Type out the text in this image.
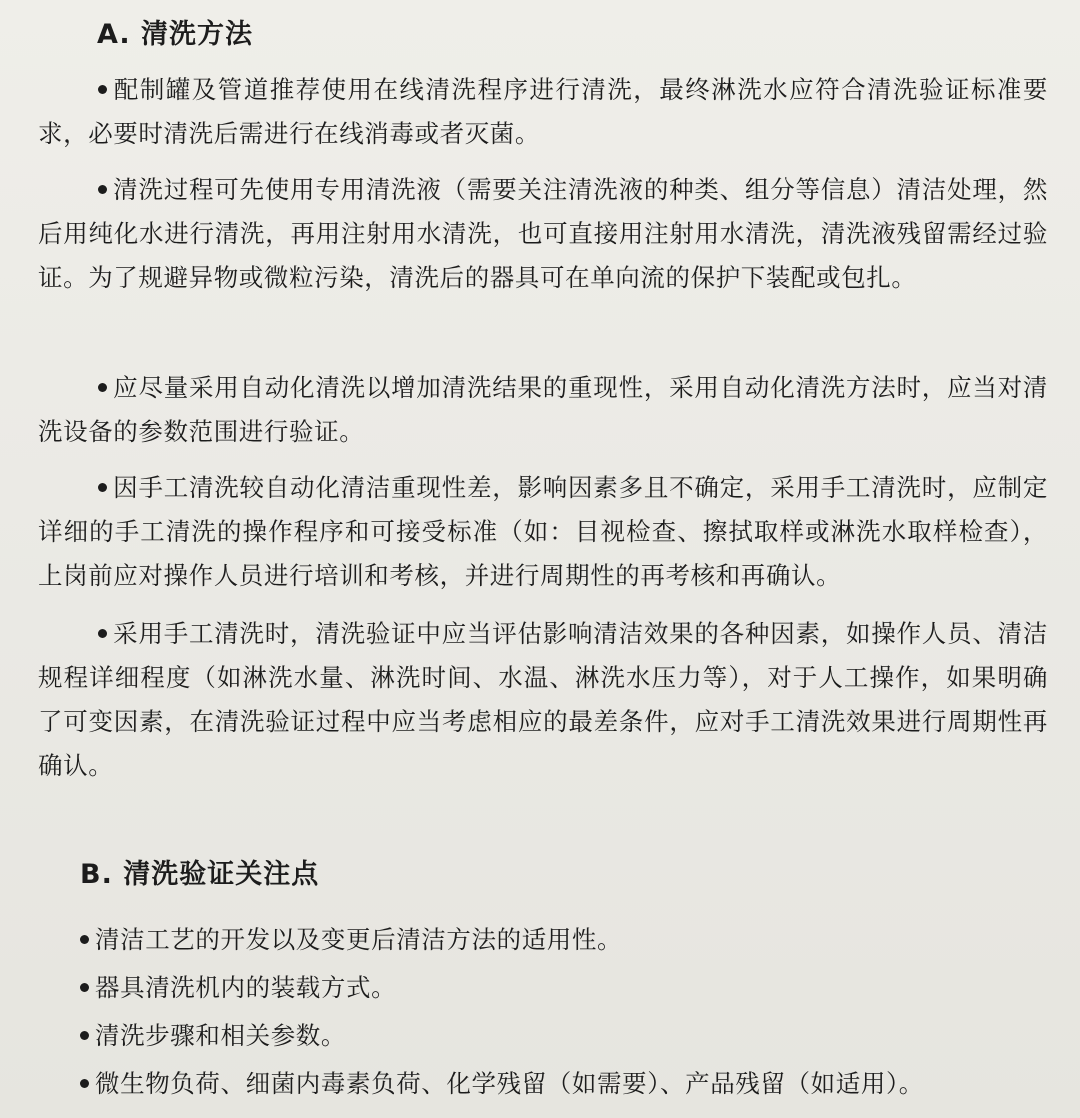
A. 清洗方法
配制罐及管道推荐使用在线清洗程序进行清洗，最终淋洗水应符合清洗验证标准要求，必要时清洗后需进行在线消毒或者灭菌。
清洗过程可先使用专用清洗液（需要关注清洗液的种类、组分等信息）清洁处理，然后用纯化水进行清洗，再用注射用水清洗，也可直接用注射用水清洗，清洗液残留需经过验证。为了规避异物或微粒污染，清洗后的器具可在单向流的保护下装配或包扎。
应尽量采用自动化清洗以增加清洗结果的重现性，采用自动化清洗方法时，应当对清洗设备的参数范围进行验证。
因手工清洗较自动化清洁重现性差，影响因素多且不确定，采用手工清洗时，应制定详细的手工清洗的操作程序和可接受标准（如：目视检查、擦拭取样或淋洗水取样检查），上岗前应对操作人员进行培训和考核，并进行周期性的再考核和再确认。
采用手工清洗时，清洗验证中应当评估影响清洁效果的各种因素，如操作人员、清洁规程详细程度（如淋洗水量、淋洗时间、水温、淋洗水压力等），对于人工操作，如果明确了可变因素，在清洗验证过程中应当考虑相应的最差条件，应对手工清洗效果进行周期性再确认。
B. 清洗验证关注点
清洁工艺的开发以及变更后清洁方法的适用性。
器具清洗机内的装载方式。
清洗步骤和相关参数。
微生物负荷、细菌内毒素负荷、化学残留（如需要）、产品残留（如适用）。
